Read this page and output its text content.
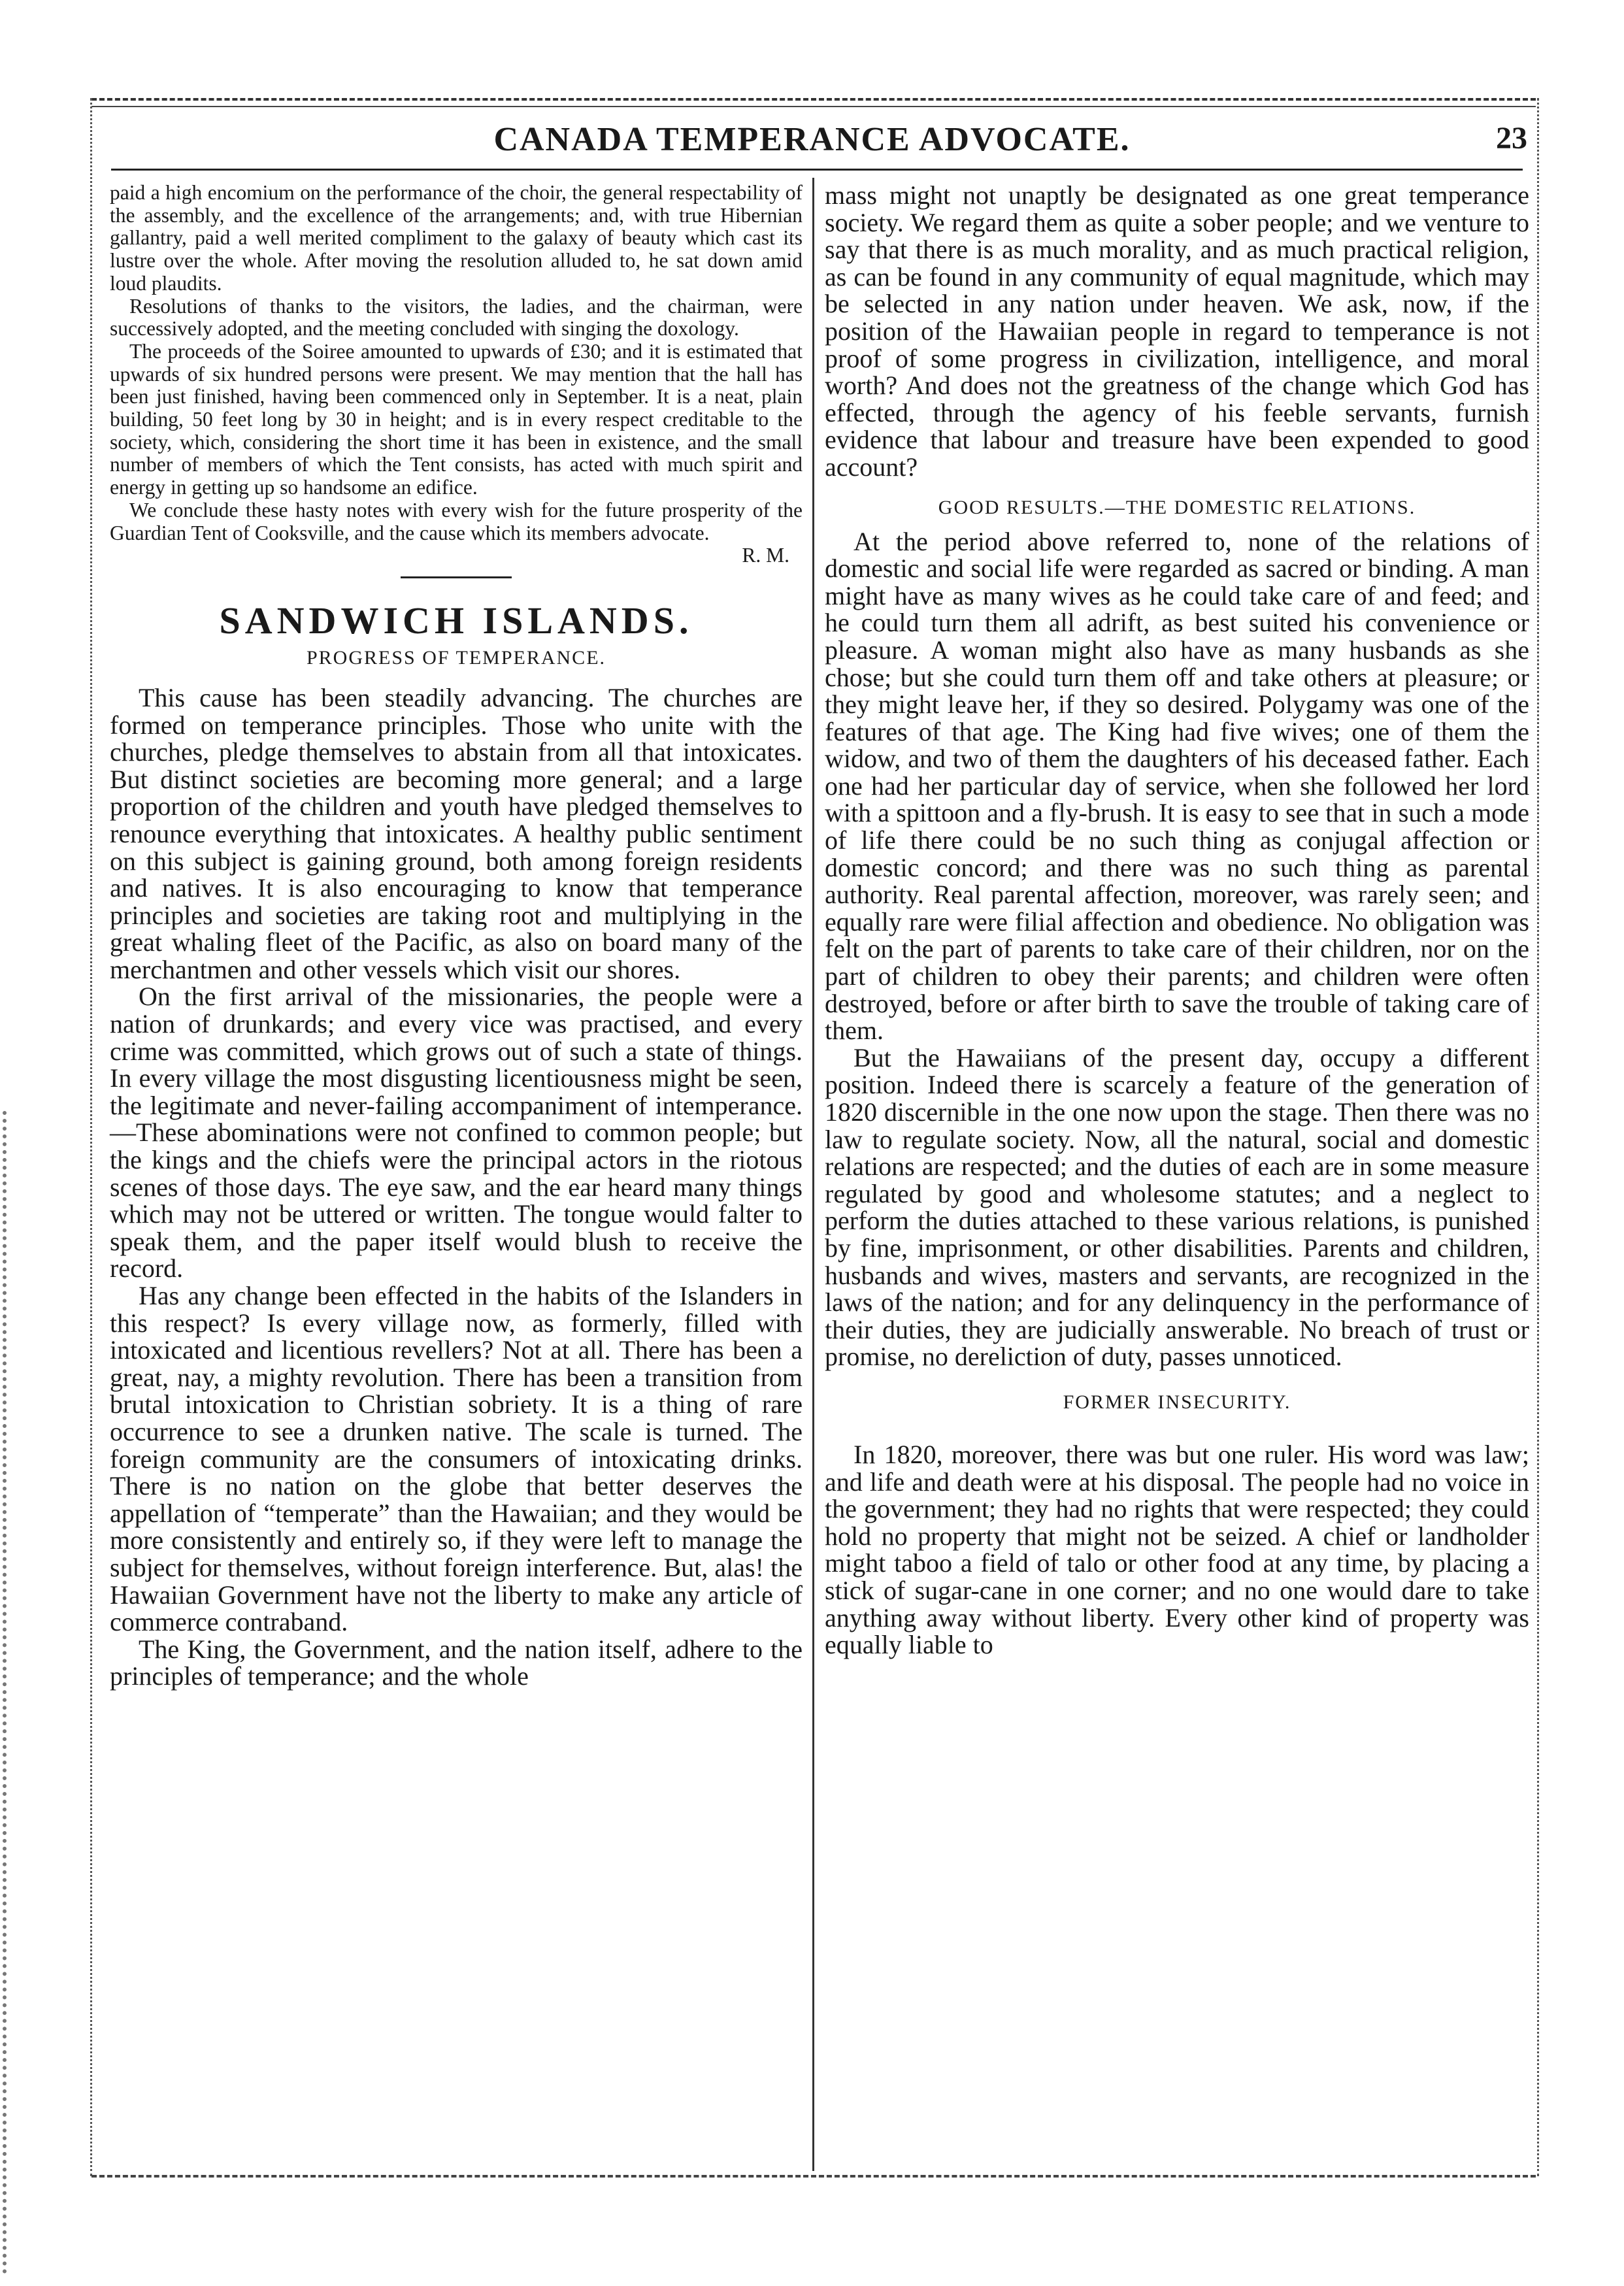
CANADA TEMPERANCE ADVOCATE.	23

paid a high encomium on the performance of the choir, the general respectability of the assembly, and the excellence of the arrangements; and, with true Hibernian gallantry, paid a well merited compliment to the galaxy of beauty which cast its lustre over the whole. After moving the resolution alluded to, he sat down amid loud plaudits.

Resolutions of thanks to the visitors, the ladies, and the chairman, were successively adopted, and the meeting concluded with singing the doxology.

The proceeds of the Soiree amounted to upwards of £30; and it is estimated that upwards of six hundred persons were present. We may mention that the hall has been just finished, having been commenced only in September. It is a neat, plain building, 50 feet long by 30 in height; and is in every respect creditable to the society, which, considering the short time it has been in existence, and the small number of members of which the Tent consists, has acted with much spirit and energy in getting up so handsome an edifice.

We conclude these hasty notes with every wish for the future prosperity of the Guardian Tent of Cooksville, and the cause which its members advocate.

R. M.
SANDWICH ISLANDS.
PROGRESS OF TEMPERANCE.

This cause has been steadily advancing. The churches are formed on temperance principles. Those who unite with the churches, pledge themselves to abstain from all that intoxicates. But distinct societies are becoming more general; and a large proportion of the children and youth have pledged themselves to renounce everything that intoxicates. A healthy public sentiment on this subject is gaining ground, both among foreign residents and natives. It is also encouraging to know that temperance principles and societies are taking root and multiplying in the great whaling fleet of the Pacific, as also on board many of the merchantmen and other vessels which visit our shores.

On the first arrival of the missionaries, the people were a nation of drunkards; and every vice was practised, and every crime was committed, which grows out of such a state of things. In every village the most disgusting licentiousness might be seen, the legitimate and never-failing accompaniment of intemperance.—These abominations were not confined to common people; but the kings and the chiefs were the principal actors in the riotous scenes of those days. The eye saw, and the ear heard many things which may not be uttered or written. The tongue would falter to speak them, and the paper itself would blush to receive the record.

Has any change been effected in the habits of the Islanders in this respect? Is every village now, as formerly, filled with intoxicated and licentious revellers? Not at all. There has been a great, nay, a mighty revolution. There has been a transition from brutal intoxication to Christian sobriety. It is a thing of rare occurrence to see a drunken native. The scale is turned. The foreign community are the consumers of intoxicating drinks. There is no nation on the globe that better deserves the appellation of “temperate” than the Hawaiian; and they would be more consistently and entirely so, if they were left to manage the subject for themselves, without foreign interference. But, alas! the Hawaiian Government have not the liberty to make any article of commerce contraband.

The King, the Government, and the nation itself, adhere to the principles of temperance; and the whole

mass might not unaptly be designated as one great temperance society. We regard them as quite a sober people; and we venture to say that there is as much morality, and as much practical religion, as can be found in any community of equal magnitude, which may be selected in any nation under heaven. We ask, now, if the position of the Hawaiian people in regard to temperance is not proof of some progress in civilization, intelligence, and moral worth? And does not the greatness of the change which God has effected, through the agency of his feeble servants, furnish evidence that labour and treasure have been expended to good account?

GOOD RESULTS.—THE DOMESTIC RELATIONS.

At the period above referred to, none of the relations of domestic and social life were regarded as sacred or binding. A man might have as many wives as he could take care of and feed; and he could turn them all adrift, as best suited his convenience or pleasure. A woman might also have as many husbands as she chose; but she could turn them off and take others at pleasure; or they might leave her, if they so desired. Polygamy was one of the features of that age. The King had five wives; one of them the widow, and two of them the daughters of his deceased father. Each one had her particular day of service, when she followed her lord with a spittoon and a fly-brush. It is easy to see that in such a mode of life there could be no such thing as conjugal affection or domestic concord; and there was no such thing as parental authority. Real parental affection, moreover, was rarely seen; and equally rare were filial affection and obedience. No obligation was felt on the part of parents to take care of their children, nor on the part of children to obey their parents; and children were often destroyed, before or after birth to save the trouble of taking care of them.

But the Hawaiians of the present day, occupy a different position. Indeed there is scarcely a feature of the generation of 1820 discernible in the one now upon the stage. Then there was no law to regulate society. Now, all the natural, social and domestic relations are respected; and the duties of each are in some measure regulated by good and wholesome statutes; and a neglect to perform the duties attached to these various relations, is punished by fine, imprisonment, or other disabilities. Parents and children, husbands and wives, masters and servants, are recognized in the laws of the nation; and for any delinquency in the performance of their duties, they are judicially answerable. No breach of trust or promise, no dereliction of duty, passes unnoticed.

FORMER INSECURITY.

In 1820, moreover, there was but one ruler. His word was law; and life and death were at his disposal. The people had no voice in the government; they had no rights that were respected; they could hold no property that might not be seized. A chief or landholder might taboo a field of talo or other food at any time, by placing a stick of sugar-cane in one corner; and no one would dare to take anything away without liberty. Every other kind of property was equally liable to
